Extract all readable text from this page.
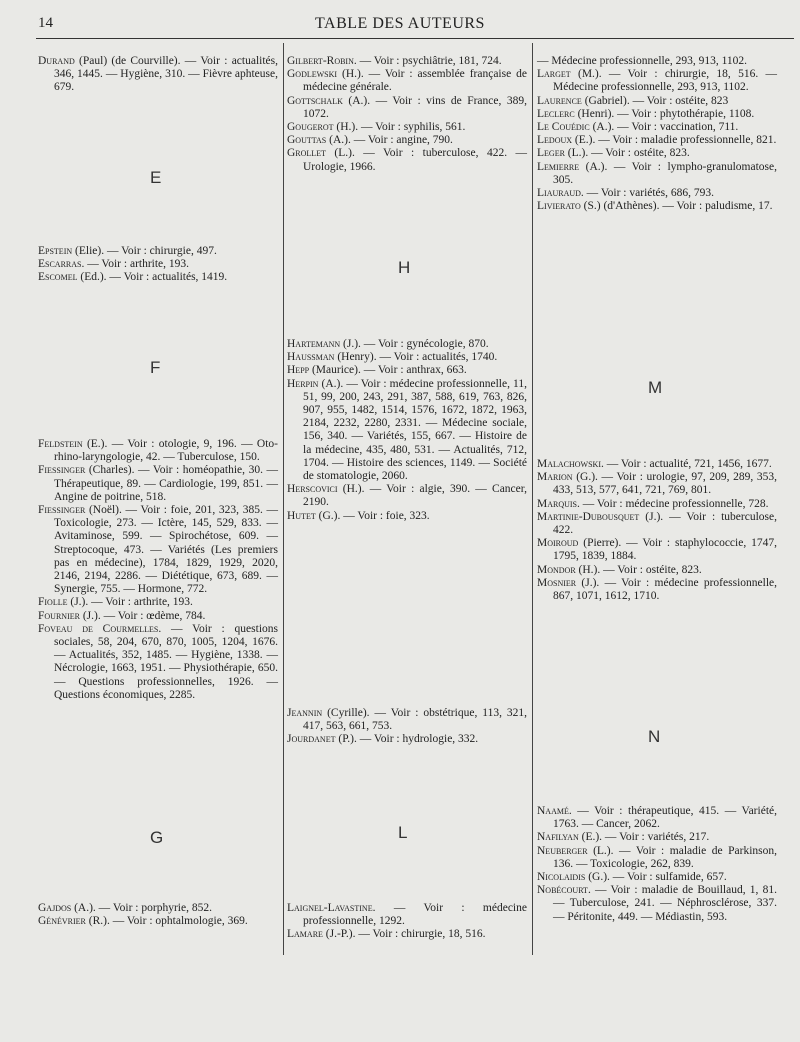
14	TABLE DES AUTEURS

Durand (Paul) (de Courville). — Voir : actualités, 346, 1445. — Hygiène, 310. — Fièvre aphteuse, 679.

E

Epstein (Elie). — Voir : chirurgie, 497.

Escarras. — Voir : arthrite, 193.

Escomel (Ed.). — Voir : actualités, 1419.

F

Feldstein (E.). — Voir : otologie, 9, 196. — Oto-rhino-laryngologie, 42. — Tuberculose, 150.

Fiessinger (Charles). — Voir : homéopathie, 30. — Thérapeutique, 89. — Cardiologie, 199, 851. — Angine de poitrine, 518.

Fiessinger (Noël). — Voir : foie, 201, 323, 385. — Toxicologie, 273. — Ictère, 145, 529, 833. — Avitaminose, 599. — Spirochétose, 609. — Streptocoque, 473. — Variétés (Les premiers pas en médecine), 1784, 1829, 1929, 2020, 2146, 2194, 2286. — Diététique, 673, 689. — Synergie, 755. — Hormone, 772.

Fiolle (J.). — Voir : arthrite, 193.

Fournier (J.). — Voir : œdème, 784.

Foveau de Courmelles. — Voir : questions sociales, 58, 204, 670, 870, 1005, 1204, 1676. — Actualités, 352, 1485. — Hygiène, 1338. — Nécrologie, 1663, 1951. — Physiothérapie, 650. — Questions professionnelles, 1926. — Questions économiques, 2285.

G

Gajdos (A.). — Voir : porphyrie, 852.

Génévrier (R.). — Voir : ophtalmologie, 369.

Gilbert-Robin. — Voir : psychiâtrie, 181, 724.

Godlewski (H.). — Voir : assemblée française de médecine générale.

Gottschalk (A.). — Voir : vins de France, 389, 1072.

Gougerot (H.). — Voir : syphilis, 561.

Gouttas (A.). — Voir : angine, 790.

Grollet (L.). — Voir : tuberculose, 422. — Urologie, 1966.

H

Hartemann (J.). — Voir : gynécologie, 870.

Haussman (Henry). — Voir : actualités, 1740.

Hepp (Maurice). — Voir : anthrax, 663.

Herpin (A.). — Voir : médecine professionnelle, 11, 51, 99, 200, 243, 291, 387, 588, 619, 763, 826, 907, 955, 1482, 1514, 1576, 1672, 1872, 1963, 2184, 2232, 2280, 2331. — Médecine sociale, 156, 340. — Variétés, 155, 667. — Histoire de la médecine, 435, 480, 531. — Actualités, 712, 1704. — Histoire des sciences, 1149. — Société de stomatologie, 2060.

Herscovici (H.). — Voir : algie, 390. — Cancer, 2190.

Hutet (G.). — Voir : foie, 323.

Jeannin (Cyrille). — Voir : obstétrique, 113, 321, 417, 563, 661, 753.

Jourdanet (P.). — Voir : hydrologie, 332.

L

Laignel-Lavastine. — Voir : médecine professionnelle, 1292.

Lamare (J.-P.). — Voir : chirurgie, 18, 516.

— Médecine professionnelle, 293, 913, 1102.

Larget (M.). — Voir : chirurgie, 18, 516. — Médecine professionnelle, 293, 913, 1102.

Laurence (Gabriel). — Voir : ostéite, 823

Leclerc (Henri). — Voir : phytothérapie, 1108.

Le Couédic (A.). — Voir : vaccination, 711.

Ledoux (E.). — Voir : maladie professionnelle, 821.

Leger (L.). — Voir : ostéite, 823.

Lemierre (A.). — Voir : lympho-granulomatose, 305.

Liauraud. — Voir : variétés, 686, 793.

Livierato (S.) (d'Athènes). — Voir : paludisme, 17.

M

Malachowski. — Voir : actualité, 721, 1456, 1677.

Marion (G.). — Voir : urologie, 97, 209, 289, 353, 433, 513, 577, 641, 721, 769, 801.

Marquis. — Voir : médecine professionnelle, 728.

Martinie-Dubousquet (J.). — Voir : tuberculose, 422.

Moiroud (Pierre). — Voir : staphylococcie, 1747, 1795, 1839, 1884.

Mondor (H.). — Voir : ostéite, 823.

Mosnier (J.). — Voir : médecine professionnelle, 867, 1071, 1612, 1710.

N

Naamé. — Voir : thérapeutique, 415. — Variété, 1763. — Cancer, 2062.

Nafilyan (E.). — Voir : variétés, 217.

Neuberger (L.). — Voir : maladie de Parkinson, 136. — Toxicologie, 262, 839.

Nicolaidis (G.). — Voir : sulfamide, 657.

Nobécourt. — Voir : maladie de Bouillaud, 1, 81. — Tuberculose, 241. — Néphrosclérose, 337. — Péritonite, 449. — Médiastin, 593.
